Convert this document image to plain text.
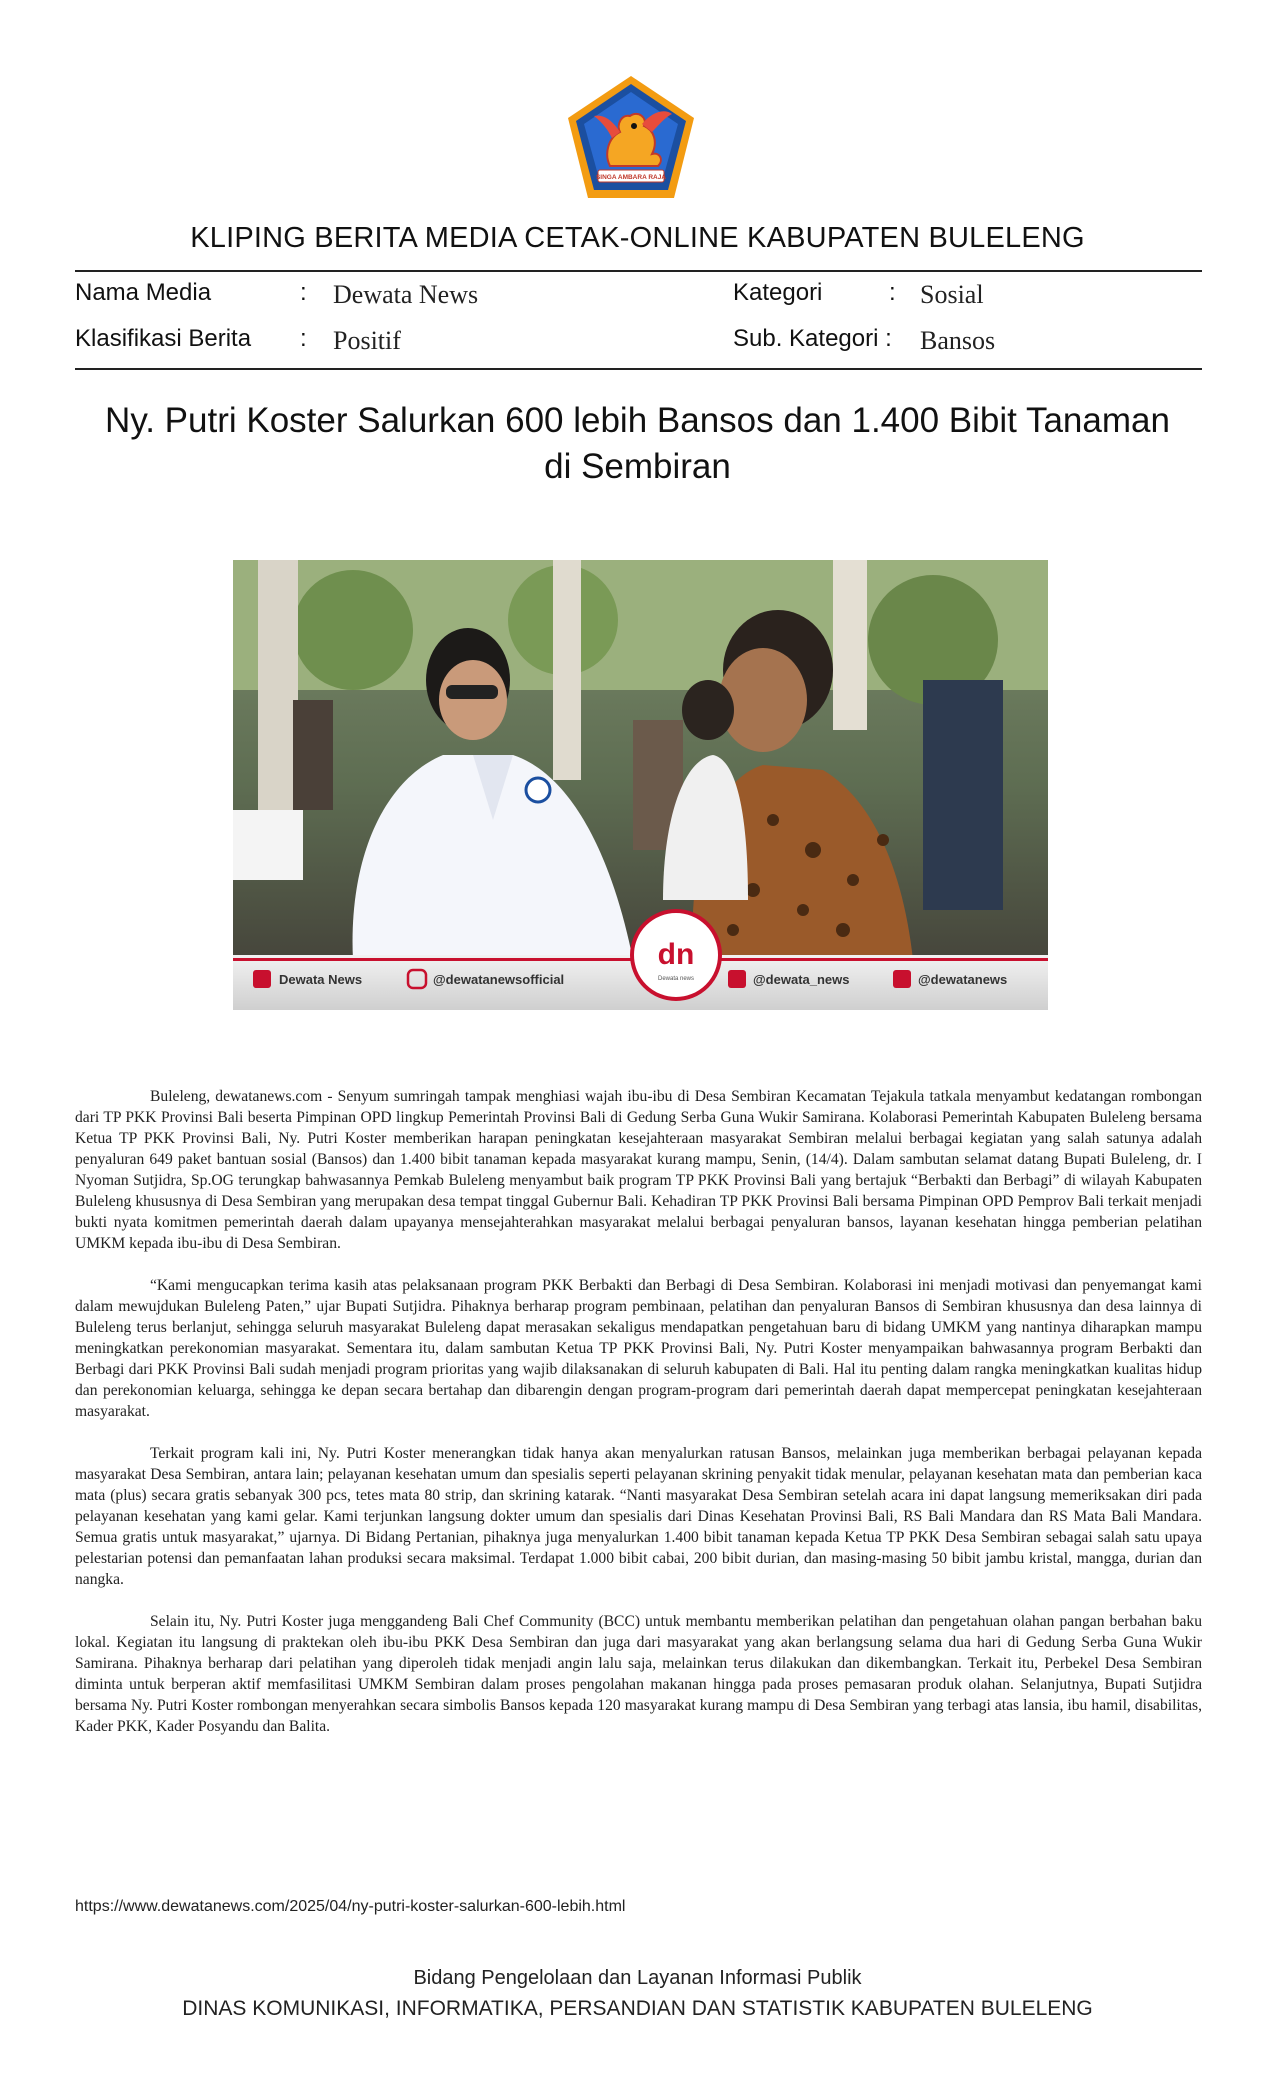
SINGA AMBARA RAJA
KLIPING BERITA MEDIA CETAK-ONLINE KABUPATEN BULELENG
Nama Media	: Dewata News	Kategori	: Sosial
Klasifikasi Berita : Positif	Sub. Kategori : Bansos
Ny. Putri Koster Salurkan 600 lebih Bansos dan 1.400 Bibit Tanaman di Sembiran
Dewata News	@dewatanewsofficial	@dewata_news	@dewatanews
dn
Dewata news

Buleleng, dewatanews.com - Senyum sumringah tampak menghiasi wajah ibu-ibu di Desa Sembiran Kecamatan Tejakula tatkala menyambut kedatangan rombongan dari TP PKK Provinsi Bali beserta Pimpinan OPD lingkup Pemerintah Provinsi Bali di Gedung Serba Guna Wukir Samirana. Kolaborasi Pemerintah Kabupaten Buleleng bersama Ketua TP PKK Provinsi Bali, Ny. Putri Koster memberikan harapan peningkatan kesejahteraan masyarakat Sembiran melalui berbagai kegiatan yang salah satunya adalah penyaluran 649 paket bantuan sosial (Bansos) dan 1.400 bibit tanaman kepada masyarakat kurang mampu, Senin, (14/4). Dalam sambutan selamat datang Bupati Buleleng, dr. I Nyoman Sutjidra, Sp.OG terungkap bahwasannya Pemkab Buleleng menyambut baik program TP PKK Provinsi Bali yang bertajuk “Berbakti dan Berbagi” di wilayah Kabupaten Buleleng khususnya di Desa Sembiran yang merupakan desa tempat tinggal Gubernur Bali. Kehadiran TP PKK Provinsi Bali bersama Pimpinan OPD Pemprov Bali terkait menjadi bukti nyata komitmen pemerintah daerah dalam upayanya mensejahterahkan masyarakat melalui berbagai penyaluran bansos, layanan kesehatan hingga pemberian pelatihan UMKM kepada ibu-ibu di Desa Sembiran.

“Kami mengucapkan terima kasih atas pelaksanaan program PKK Berbakti dan Berbagi di Desa Sembiran. Kolaborasi ini menjadi motivasi dan penyemangat kami dalam mewujdukan Buleleng Paten,” ujar Bupati Sutjidra. Pihaknya berharap program pembinaan, pelatihan dan penyaluran Bansos di Sembiran khususnya dan desa lainnya di Buleleng terus berlanjut, sehingga seluruh masyarakat Buleleng dapat merasakan sekaligus mendapatkan pengetahuan baru di bidang UMKM yang nantinya diharapkan mampu meningkatkan perekonomian masyarakat. Sementara itu, dalam sambutan Ketua TP PKK Provinsi Bali, Ny. Putri Koster menyampaikan bahwasannya program Berbakti dan Berbagi dari PKK Provinsi Bali sudah menjadi program prioritas yang wajib dilaksanakan di seluruh kabupaten di Bali. Hal itu penting dalam rangka meningkatkan kualitas hidup dan perekonomian keluarga, sehingga ke depan secara bertahap dan dibarengin dengan program-program dari pemerintah daerah dapat mempercepat peningkatan kesejahteraan masyarakat.

Terkait program kali ini, Ny. Putri Koster menerangkan tidak hanya akan menyalurkan ratusan Bansos, melainkan juga memberikan berbagai pelayanan kepada masyarakat Desa Sembiran, antara lain; pelayanan kesehatan umum dan spesialis seperti pelayanan skrining penyakit tidak menular, pelayanan kesehatan mata dan pemberian kaca mata (plus) secara gratis sebanyak 300 pcs, tetes mata 80 strip, dan skrining katarak. “Nanti masyarakat Desa Sembiran setelah acara ini dapat langsung memeriksakan diri pada pelayanan kesehatan yang kami gelar. Kami terjunkan langsung dokter umum dan spesialis dari Dinas Kesehatan Provinsi Bali, RS Bali Mandara dan RS Mata Bali Mandara. Semua gratis untuk masyarakat,” ujarnya. Di Bidang Pertanian, pihaknya juga menyalurkan 1.400 bibit tanaman kepada Ketua TP PKK Desa Sembiran sebagai salah satu upaya pelestarian potensi dan pemanfaatan lahan produksi secara maksimal. Terdapat 1.000 bibit cabai, 200 bibit durian, dan masing-masing 50 bibit jambu kristal, mangga, durian dan nangka.

Selain itu, Ny. Putri Koster juga menggandeng Bali Chef Community (BCC) untuk membantu memberikan pelatihan dan pengetahuan olahan pangan berbahan baku lokal. Kegiatan itu langsung di praktekan oleh ibu-ibu PKK Desa Sembiran dan juga dari masyarakat yang akan berlangsung selama dua hari di Gedung Serba Guna Wukir Samirana. Pihaknya berharap dari pelatihan yang diperoleh tidak menjadi angin lalu saja, melainkan terus dilakukan dan dikembangkan. Terkait itu, Perbekel Desa Sembiran diminta untuk berperan aktif memfasilitasi UMKM Sembiran dalam proses pengolahan makanan hingga pada proses pemasaran produk olahan. Selanjutnya, Bupati Sutjidra bersama Ny. Putri Koster rombongan menyerahkan secara simbolis Bansos kepada 120 masyarakat kurang mampu di Desa Sembiran yang terbagi atas lansia, ibu hamil, disabilitas, Kader PKK, Kader Posyandu dan Balita.

https://www.dewatanews.com/2025/04/ny-putri-koster-salurkan-600-lebih.html
Bidang Pengelolaan dan Layanan Informasi Publik
DINAS KOMUNIKASI, INFORMATIKA, PERSANDIAN DAN STATISTIK KABUPATEN BULELENG
